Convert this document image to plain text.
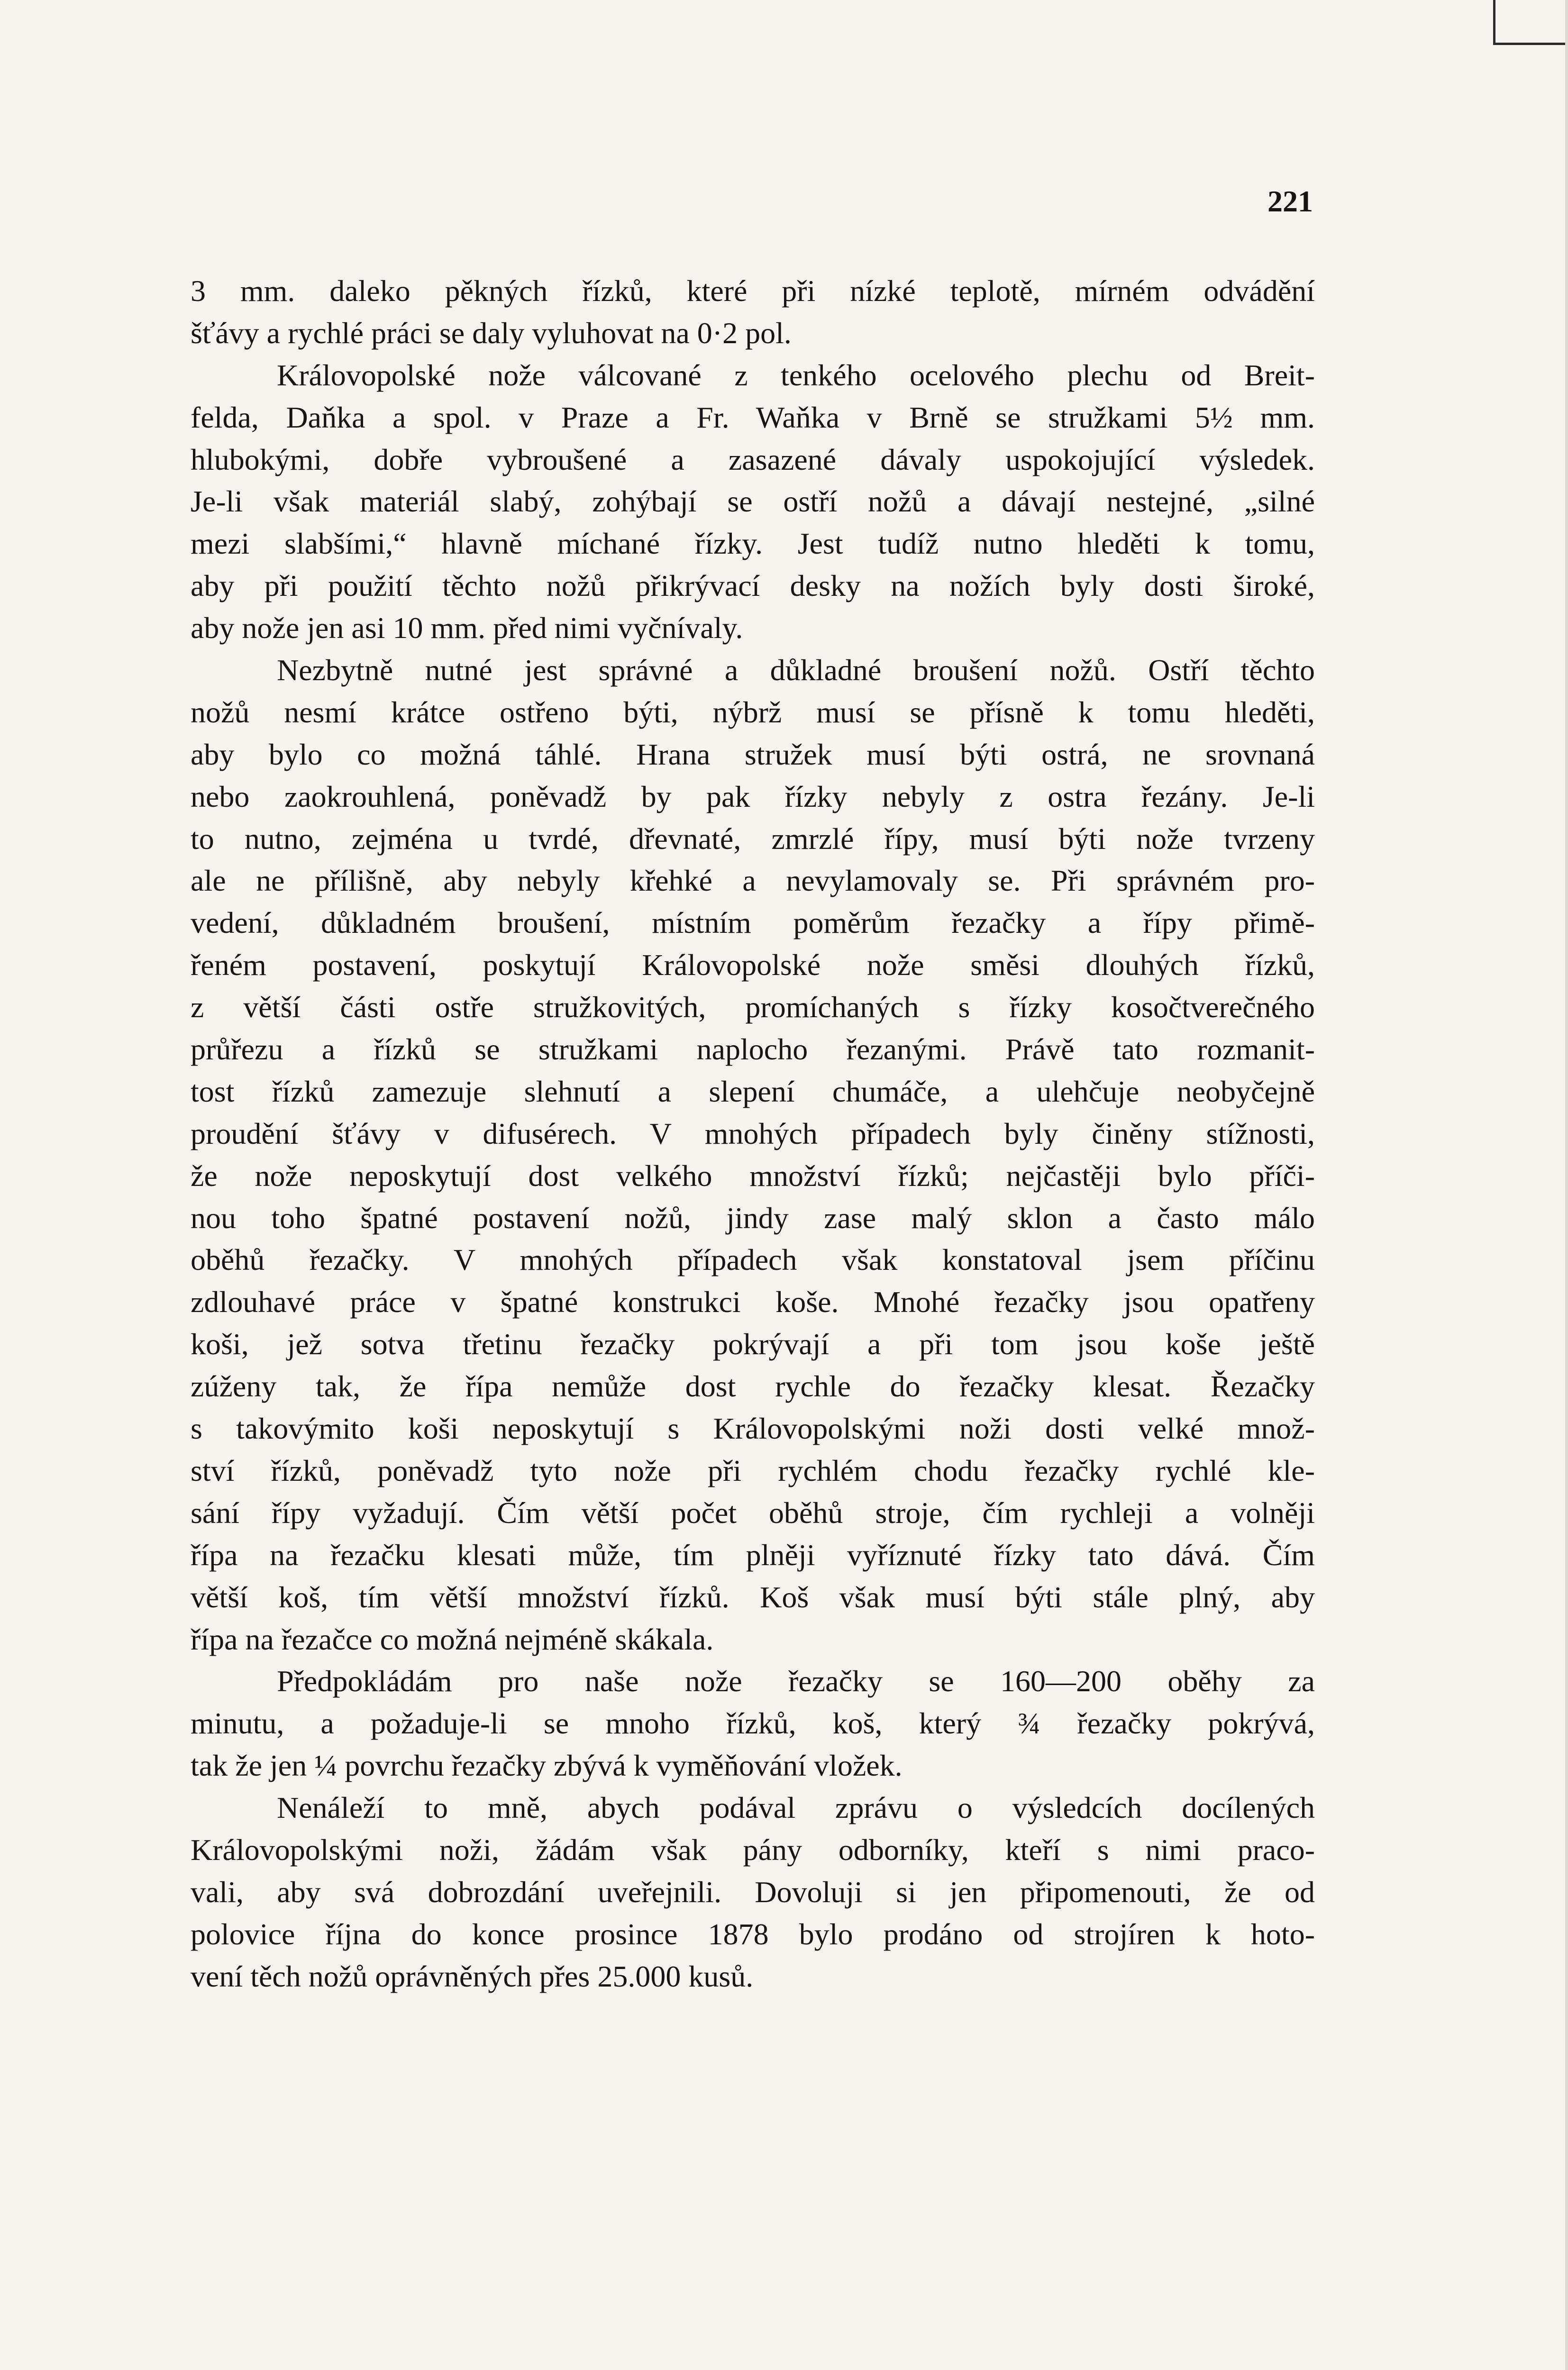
221
3 mm. daleko pěkných řízků, které při nízké teplotě, mírném odvádění
šťávy a rychlé práci se daly vyluhovat na 0·2 pol.
Královopolské nože válcované z tenkého ocelového plechu od Breit-
felda, Daňka a spol. v Praze a Fr. Waňka v Brně se stružkami 5½ mm.
hlubokými, dobře vybroušené a zasazené dávaly uspokojující výsledek.
Je-li však materiál slabý, zohýbají se ostří nožů a dávají nestejné, „silné
mezi slabšími,“ hlavně míchané řízky. Jest tudíž nutno hleděti k tomu,
aby při použití těchto nožů přikrývací desky na nožích byly dosti široké,
aby nože jen asi 10 mm. před nimi vyčnívaly.
Nezbytně nutné jest správné a důkladné broušení nožů. Ostří těchto
nožů nesmí krátce ostřeno býti, nýbrž musí se přísně k tomu hleděti,
aby bylo co možná táhlé. Hrana stružek musí býti ostrá, ne srovnaná
nebo zaokrouhlená, poněvadž by pak řízky nebyly z ostra řezány. Je-li
to nutno, zejména u tvrdé, dřevnaté, zmrzlé řípy, musí býti nože tvrzeny
ale ne přílišně, aby nebyly křehké a nevylamovaly se. Při správném pro-
vedení, důkladném broušení, místním poměrům řezačky a řípy přimě-
řeném postavení, poskytují Královopolské nože směsi dlouhých řízků,
z větší části ostře stružkovitých, promíchaných s řízky kosočtverečného
průřezu a řízků se stružkami naplocho řezanými. Právě tato rozmanit-
tost řízků zamezuje slehnutí a slepení chumáče, a ulehčuje neobyčejně
proudění šťávy v difusérech. V mnohých případech byly činěny stížnosti,
že nože neposkytují dost velkého množství řízků; nejčastěji bylo příči-
nou toho špatné postavení nožů, jindy zase malý sklon a často málo
oběhů řezačky. V mnohých případech však konstatoval jsem příčinu
zdlouhavé práce v špatné konstrukci koše. Mnohé řezačky jsou opatřeny
koši, jež sotva třetinu řezačky pokrývají a při tom jsou koše ještě
zúženy tak, že řípa nemůže dost rychle do řezačky klesat. Řezačky
s takovýmito koši neposkytují s Královopolskými noži dosti velké množ-
ství řízků, poněvadž tyto nože při rychlém chodu řezačky rychlé kle-
sání řípy vyžadují. Čím větší počet oběhů stroje, čím rychleji a volněji
řípa na řezačku klesati může, tím plněji vyříznuté řízky tato dává. Čím
větší koš, tím větší množství řízků. Koš však musí býti stále plný, aby
řípa na řezačce co možná nejméně skákala.
Předpokládám pro naše nože řezačky se 160—200 oběhy za
minutu, a požaduje-li se mnoho řízků, koš, který ¾ řezačky pokrývá,
tak že jen ¼ povrchu řezačky zbývá k vyměňování vložek.
Nenáleží to mně, abych podával zprávu o výsledcích docílených
Královopolskými noži, žádám však pány odborníky, kteří s nimi praco-
vali, aby svá dobrozdání uveřejnili. Dovoluji si jen připomenouti, že od
polovice října do konce prosince 1878 bylo prodáno od strojíren k hoto-
vení těch nožů oprávněných přes 25.000 kusů.
